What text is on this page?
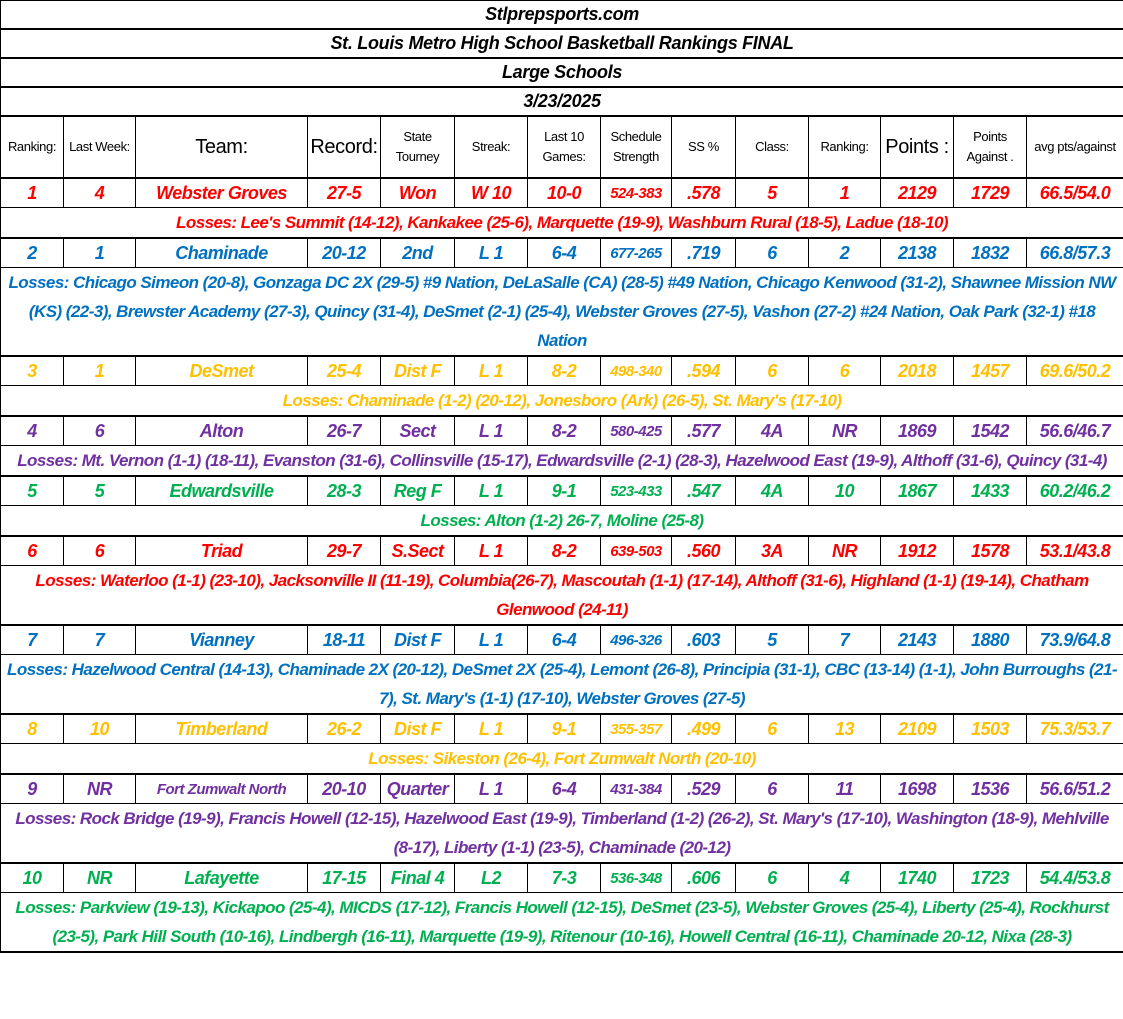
Stlprepsports.com													
St. Louis Metro High School Basketball Rankings FINAL													
Large Schools													
3/23/2025													
Ranking:	Last Week:	Team:	Record:	State Tourney	Streak:	Last 10 Games:	Schedule Strength	SS %	Class:	Ranking:	Points :	Points Against .	avg pts/against
1	4	Webster Groves	27-5	Won	W 10	10-0	524-383	.578	5	1	2129	1729	66.5/54.0
Losses: Lee's Summit (14-12), Kankakee (25-6), Marquette (19-9), Washburn Rural (18-5), Ladue (18-10)													
2	1	Chaminade	20-12	2nd	L 1	6-4	677-265	.719	6	2	2138	1832	66.8/57.3
Losses: Chicago Simeon (20-8), Gonzaga DC 2X (29-5) #9 Nation, DeLaSalle (CA) (28-5) #49 Nation, Chicago Kenwood (31-2), Shawnee Mission NW (KS) (22-3), Brewster Academy (27-3), Quincy (31-4), DeSmet (2-1) (25-4), Webster Groves (27-5), Vashon (27-2) #24 Nation, Oak Park (32-1) #18 Nation													
3	1	DeSmet	25-4	Dist F	L 1	8-2	498-340	.594	6	6	2018	1457	69.6/50.2
Losses: Chaminade (1-2) (20-12), Jonesboro (Ark) (26-5), St. Mary's (17-10)													
4	6	Alton	26-7	Sect	L 1	8-2	580-425	.577	4A	NR	1869	1542	56.6/46.7
Losses: Mt. Vernon (1-1) (18-11), Evanston (31-6), Collinsville (15-17), Edwardsville (2-1) (28-3), Hazelwood East (19-9), Althoff (31-6), Quincy (31-4)													
5	5	Edwardsville	28-3	Reg F	L 1	9-1	523-433	.547	4A	10	1867	1433	60.2/46.2
Losses: Alton (1-2) 26-7, Moline (25-8)													
6	6	Triad	29-7	S.Sect	L 1	8-2	639-503	.560	3A	NR	1912	1578	53.1/43.8
Losses: Waterloo (1-1) (23-10), Jacksonville II (11-19), Columbia(26-7), Mascoutah (1-1) (17-14), Althoff (31-6), Highland (1-1) (19-14), Chatham Glenwood (24-11)													
7	7	Vianney	18-11	Dist F	L 1	6-4	496-326	.603	5	7	2143	1880	73.9/64.8
Losses: Hazelwood Central (14-13), Chaminade 2X (20-12), DeSmet 2X (25-4), Lemont (26-8), Principia (31-1), CBC (13-14) (1-1), John Burroughs (21-7), St. Mary's (1-1) (17-10), Webster Groves (27-5)													
8	10	Timberland	26-2	Dist F	L 1	9-1	355-357	.499	6	13	2109	1503	75.3/53.7
Losses: Sikeston (26-4), Fort Zumwalt North (20-10)													
9	NR	Fort Zumwalt North	20-10	Quarter	L 1	6-4	431-384	.529	6	11	1698	1536	56.6/51.2
Losses: Rock Bridge (19-9), Francis Howell (12-15), Hazelwood East (19-9), Timberland (1-2) (26-2), St. Mary's (17-10), Washington (18-9), Mehlville (8-17), Liberty (1-1) (23-5), Chaminade (20-12)													
10	NR	Lafayette	17-15	Final 4	L2	7-3	536-348	.606	6	4	1740	1723	54.4/53.8
Losses: Parkview (19-13), Kickapoo (25-4), MICDS (17-12), Francis Howell (12-15), DeSmet (23-5), Webster Groves (25-4), Liberty (25-4), Rockhurst (23-5), Park Hill South (10-16), Lindbergh (16-11), Marquette (19-9), Ritenour (10-16), Howell Central (16-11), Chaminade 20-12, Nixa (28-3)													
